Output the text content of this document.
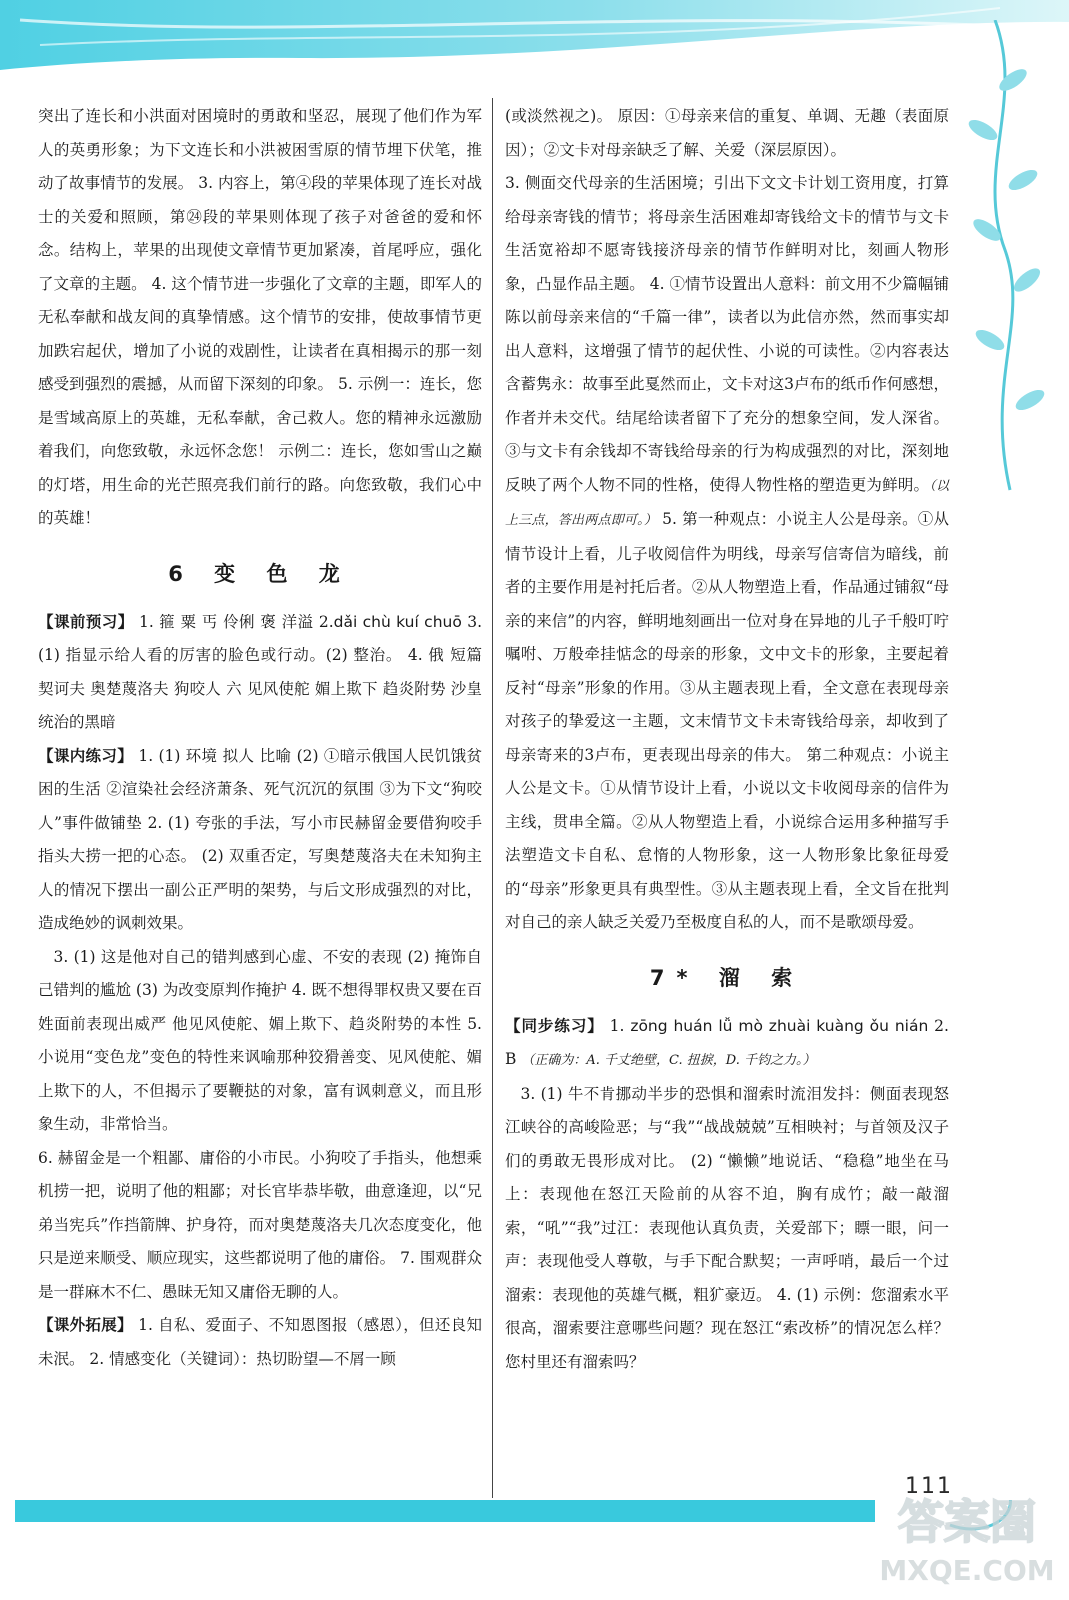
111
答案圈
MXQE.COM

突出了连长和小洪面对困境时的勇敢和坚忍，展现了他们作为军人的英勇形象；为下文连长和小洪被困雪原的情节埋下伏笔，推动了故事情节的发展。 3. 内容上，第④段的苹果体现了连长对战士的关爱和照顾，第㉔段的苹果则体现了孩子对爸爸的爱和怀念。结构上，苹果的出现使文章情节更加紧凑，首尾呼应，强化了文章的主题。 4. 这个情节进一步强化了文章的主题，即军人的无私奉献和战友间的真挚情感。这个情节的安排，使故事情节更加跌宕起伏，增加了小说的戏剧性，让读者在真相揭示的那一刻感受到强烈的震撼，从而留下深刻的印象。 5. 示例一：连长，您是雪域高原上的英雄，无私奉献，舍己救人。您的精神永远激励着我们，向您致敬，永远怀念您！ 示例二：连长，您如雪山之巅的灯塔，用生命的光芒照亮我们前行的路。向您致敬，我们心中的英雄！

6 变 色 龙

【课前预习】 1. 箍 粟 丐 伶俐 褒 洋溢 2.dǎi chù kuí chuō 3. (1) 指显示给人看的厉害的脸色或行动。(2) 整治。 4. 俄 短篇 契诃夫 奥楚蔑洛夫 狗咬人 六 见风使舵 媚上欺下 趋炎附势 沙皇统治的黑暗

【课内练习】 1. (1) 环境 拟人 比喻 (2) ①暗示俄国人民饥饿贫困的生活 ②渲染社会经济萧条、死气沉沉的氛围 ③为下文“狗咬人”事件做铺垫 2. (1) 夸张的手法，写小市民赫留金要借狗咬手指头大捞一把的心态。 (2) 双重否定，写奥楚蔑洛夫在未知狗主人的情况下摆出一副公正严明的架势，与后文形成强烈的对比，造成绝妙的讽刺效果。

3. (1) 这是他对自己的错判感到心虚、不安的表现 (2) 掩饰自己错判的尴尬 (3) 为改变原判作掩护 4. 既不想得罪权贵又要在百姓面前表现出威严 他见风使舵、媚上欺下、趋炎附势的本性 5. 小说用“变色龙”变色的特性来讽喻那种狡猾善变、见风使舵、媚上欺下的人，不但揭示了要鞭挞的对象，富有讽刺意义，而且形象生动，非常恰当。

6. 赫留金是一个粗鄙、庸俗的小市民。小狗咬了手指头，他想乘机捞一把，说明了他的粗鄙；对长官毕恭毕敬，曲意逢迎，以“兄弟当宪兵”作挡箭牌、护身符，而对奥楚蔑洛夫几次态度变化，他只是逆来顺受、顺应现实，这些都说明了他的庸俗。 7. 围观群众是一群麻木不仁、愚昧无知又庸俗无聊的人。

【课外拓展】 1. 自私、爱面子、不知恩图报（感恩），但还良知未泯。 2. 情感变化（关键词）：热切盼望—不屑一顾

(或淡然视之)。 原因：①母亲来信的重复、单调、无趣（表面原因）；②文卡对母亲缺乏了解、关爱（深层原因）。

3. 侧面交代母亲的生活困境；引出下文文卡计划工资用度，打算给母亲寄钱的情节；将母亲生活困难却寄钱给文卡的情节与文卡生活宽裕却不愿寄钱接济母亲的情节作鲜明对比，刻画人物形象，凸显作品主题。 4. ①情节设置出人意料：前文用不少篇幅铺陈以前母亲来信的“千篇一律”，读者以为此信亦然，然而事实却出人意料，这增强了情节的起伏性、小说的可读性。②内容表达含蓄隽永：故事至此戛然而止，文卡对这3卢布的纸币作何感想，作者并未交代。结尾给读者留下了充分的想象空间，发人深省。③与文卡有余钱却不寄钱给母亲的行为构成强烈的对比，深刻地反映了两个人物不同的性格，使得人物性格的塑造更为鲜明。（以上三点，答出两点即可。） 5. 第一种观点：小说主人公是母亲。①从情节设计上看，儿子收阅信件为明线，母亲写信寄信为暗线，前者的主要作用是衬托后者。②从人物塑造上看，作品通过铺叙“母亲的来信”的内容，鲜明地刻画出一位对身在异地的儿子千般叮咛嘱咐、万般牵挂惦念的母亲的形象，文中文卡的形象，主要起着反衬“母亲”形象的作用。③从主题表现上看，全文意在表现母亲对孩子的挚爱这一主题，文末情节文卡未寄钱给母亲，却收到了母亲寄来的3卢布，更表现出母亲的伟大。 第二种观点：小说主人公是文卡。①从情节设计上看，小说以文卡收阅母亲的信件为主线，贯串全篇。②从人物塑造上看，小说综合运用多种描写手法塑造文卡自私、怠惰的人物形象，这一人物形象比象征母爱的“母亲”形象更具有典型性。③从主题表现上看，全文旨在批判对自己的亲人缺乏关爱乃至极度自私的人，而不是歌颂母爱。

7* 溜 索

【同步练习】 1. zōng huán lǚ mò zhuài kuàng ǒu nián 2. B （正确为：A. 千丈绝壁，C. 扭捩，D. 千钧之力。）

3. (1) 牛不肯挪动半步的恐惧和溜索时流泪发抖：侧面表现怒江峡谷的高峻险恶；与“我”“战战兢兢”互相映衬；与首领及汉子们的勇敢无畏形成对比。 (2) “懒懒”地说话、“稳稳”地坐在马上：表现他在怒江天险前的从容不迫，胸有成竹；敲一敲溜索，“吼”“我”过江：表现他认真负责，关爱部下；瞟一眼，问一声：表现他受人尊敬，与手下配合默契；一声呼哨，最后一个过溜索：表现他的英雄气概，粗犷豪迈。 4. (1) 示例：您溜索水平很高，溜索要注意哪些问题？现在怒江“索改桥”的情况怎么样？您村里还有溜索吗？
